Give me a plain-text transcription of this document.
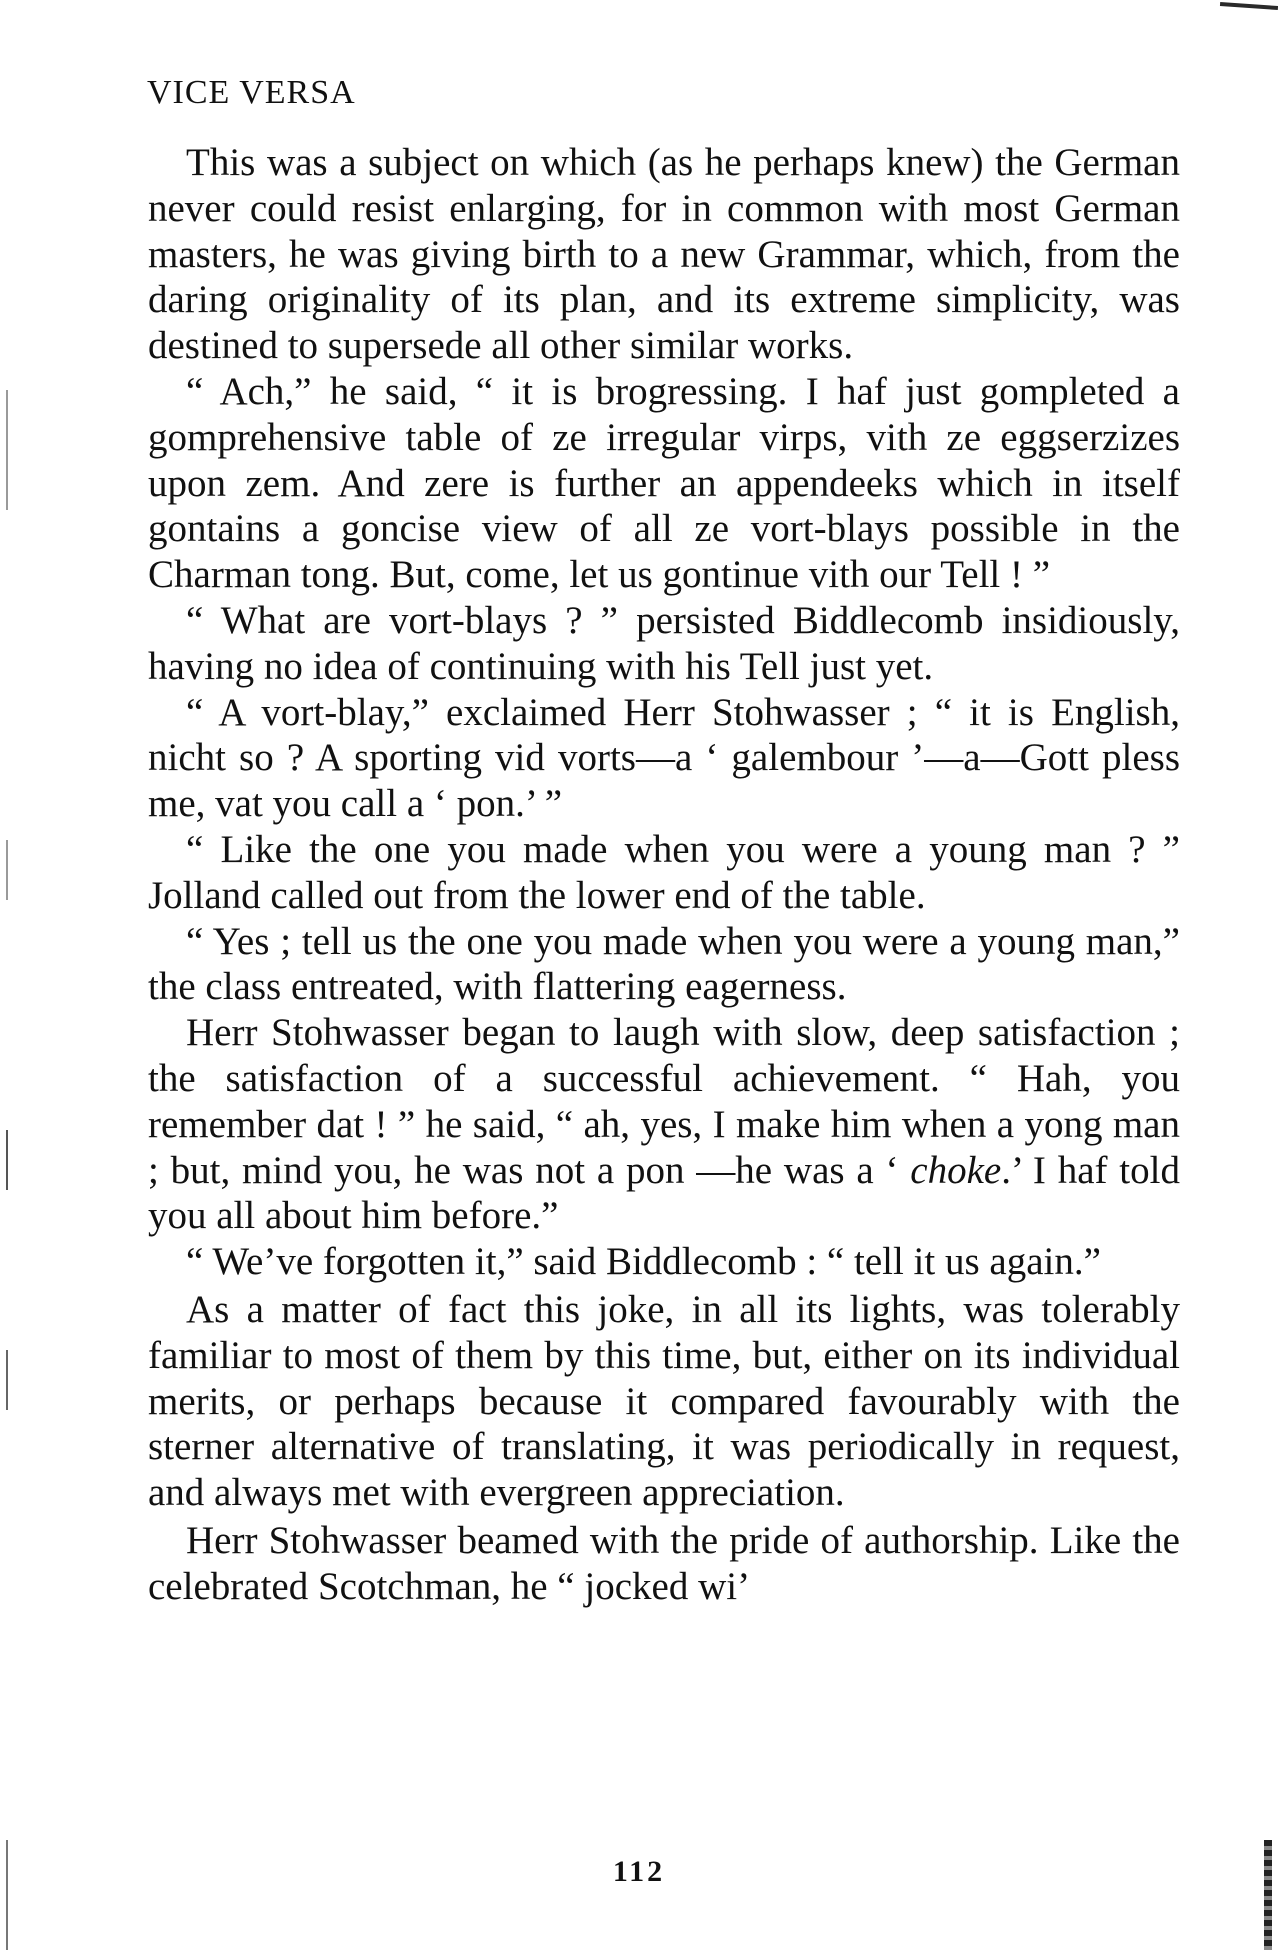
VICE VERSA

This was a subject on which (as he perhaps knew) the German never could resist enlarging, for in common with most German masters, he was giving birth to a new Grammar, which, from the daring originality of its plan, and its extreme simplicity, was destined to supersede all other similar works.

“ Ach,” he said, “ it is brogressing. I haf just gompleted a gomprehensive table of ze irregular virps, vith ze eggserzizes upon zem. And zere is further an appendeeks which in itself gontains a goncise view of all ze vort-blays possible in the Charman tong. But, come, let us gontinue vith our Tell ! ”

“ What are vort-blays ? ” persisted Biddlecomb insidiously, having no idea of continuing with his Tell just yet.

“ A vort-blay,” exclaimed Herr Stohwasser ; “ it is English, nicht so ? A sporting vid vorts—a ‘ galembour ’—a—Gott pless me, vat you call a ‘ pon.’ ”

“ Like the one you made when you were a young man ? ” Jolland called out from the lower end of the table.

“ Yes ; tell us the one you made when you were a young man,” the class entreated, with flattering eagerness.

Herr Stohwasser began to laugh with slow, deep satisfaction ; the satisfaction of a successful achievement. “ Hah, you remember dat ! ” he said, “ ah, yes, I make him when a yong man ; but, mind you, he was not a pon —he was a ‘ choke.’ I haf told you all about him before.”

“ We’ve forgotten it,” said Biddlecomb : “ tell it us again.”

As a matter of fact this joke, in all its lights, was tolerably familiar to most of them by this time, but, either on its individual merits, or perhaps because it compared favourably with the sterner alternative of translating, it was periodically in request, and always met with evergreen appreciation.

Herr Stohwasser beamed with the pride of authorship. Like the celebrated Scotchman, he “ jocked wi’

112
